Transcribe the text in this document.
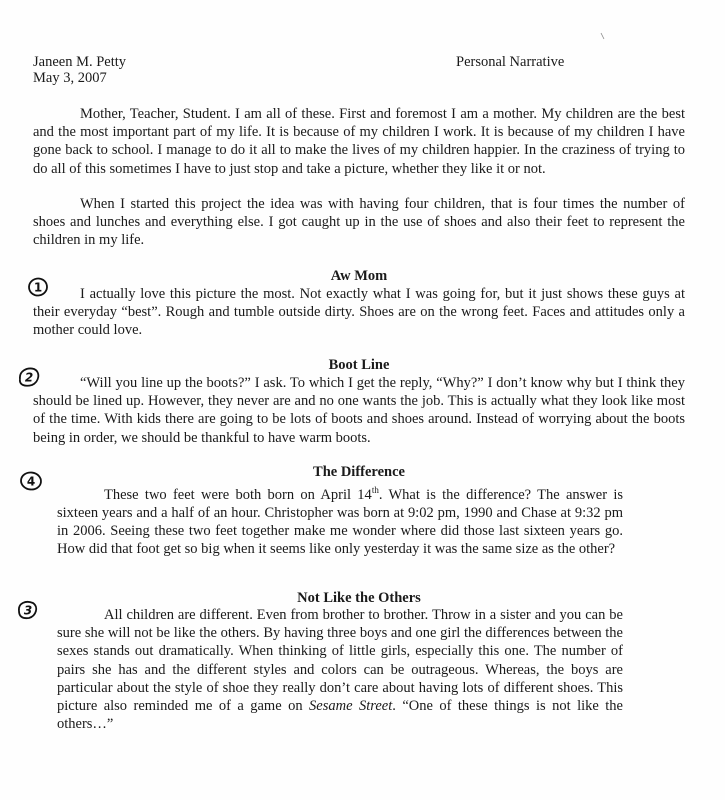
Janeen M. Petty
May 3, 2007
Personal Narrative

Mother, Teacher, Student. I am all of these. First and foremost I am a mother. My children are the best and the most important part of my life. It is because of my children I work. It is because of my children I have gone back to school. I manage to do it all to make the lives of my children happier. In the craziness of trying to do all of this sometimes I have to just stop and take a picture, whether they like it or not.

When I started this project the idea was with having four children, that is four times the number of shoes and lunches and everything else. I got caught up in the use of shoes and also their feet to represent the children in my life.

1

Aw Mom

I actually love this picture the most. Not exactly what I was going for, but it just shows these guys at their everyday “best”. Rough and tumble outside dirty. Shoes are on the wrong feet. Faces and attitudes only a mother could love.

2

Boot Line

“Will you line up the boots?” I ask. To which I get the reply, “Why?” I don’t know why but I think they should be lined up. However, they never are and no one wants the job. This is actually what they look like most of the time. With kids there are going to be lots of boots and shoes around. Instead of worrying about the boots being in order, we should be thankful to have warm boots.

4

The Difference

These two feet were both born on April 14th. What is the difference? The answer is sixteen years and a half of an hour. Christopher was born at 9:02 pm, 1990 and Chase at 9:32 pm in 2006. Seeing these two feet together make me wonder where did those last sixteen years go. How did that foot get so big when it seems like only yesterday it was the same size as the other?

3

Not Like the Others

All children are different. Even from brother to brother. Throw in a sister and you can be sure she will not be like the others. By having three boys and one girl the differences between the sexes stands out dramatically. When thinking of little girls, especially this one. The number of pairs she has and the different styles and colors can be outrageous. Whereas, the boys are particular about the style of shoe they really don’t care about having lots of different shoes. This picture also reminded me of a game on Sesame Street. “One of these things is not like the others…”
